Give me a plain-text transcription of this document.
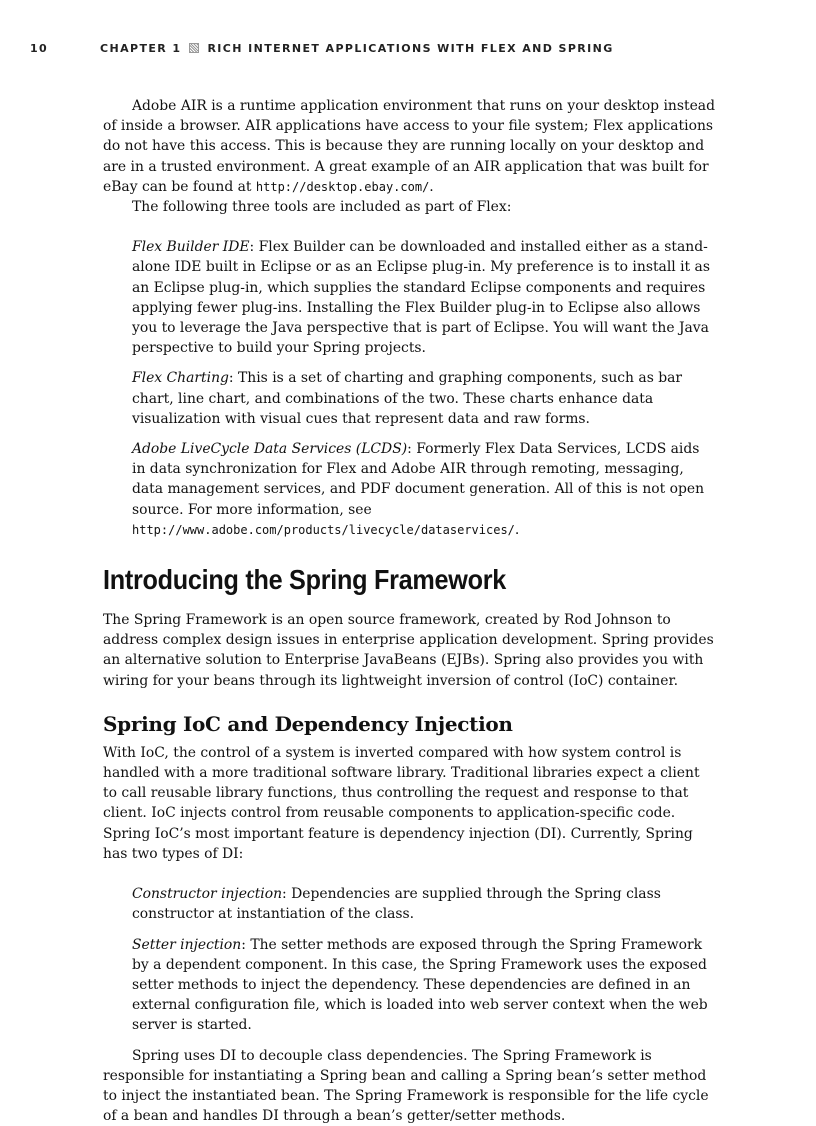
10	CHAPTER 1 RICH INTERNET APPLICATIONS WITH FLEX AND SPRING

Adobe AIR is a runtime application environment that runs on your desktop instead of inside a browser. AIR applications have access to your file system; Flex applications do not have this access. This is because they are running locally on your desktop and are in a trusted environment. A great example of an AIR application that was built for eBay can be found at http://desktop.ebay.com/.

The following three tools are included as part of Flex:

Flex Builder IDE: Flex Builder can be downloaded and installed either as a stand-alone IDE built in Eclipse or as an Eclipse plug-in. My preference is to install it as an Eclipse plug-in, which supplies the standard Eclipse components and requires applying fewer plug-ins. Installing the Flex Builder plug-in to Eclipse also allows you to leverage the Java perspective that is part of Eclipse. You will want the Java perspective to build your Spring projects.

Flex Charting: This is a set of charting and graphing components, such as bar chart, line chart, and combinations of the two. These charts enhance data visualization with visual cues that represent data and raw forms.

Adobe LiveCycle Data Services (LCDS): Formerly Flex Data Services, LCDS aids in data synchronization for Flex and Adobe AIR through remoting, messaging, data management services, and PDF document generation. All of this is not open source. For more information, see http://www.adobe.com/products/livecycle/dataservices/.

Introducing the Spring Framework

The Spring Framework is an open source framework, created by Rod Johnson to address complex design issues in enterprise application development. Spring provides an alternative solution to Enterprise JavaBeans (EJBs). Spring also provides you with wiring for your beans through its lightweight inversion of control (IoC) container.

Spring IoC and Dependency Injection

With IoC, the control of a system is inverted compared with how system control is handled with a more traditional software library. Traditional libraries expect a client to call reusable library functions, thus controlling the request and response to that client. IoC injects control from reusable components to application-specific code. Spring IoC’s most important feature is dependency injection (DI). Currently, Spring has two types of DI:

Constructor injection: Dependencies are supplied through the Spring class constructor at instantiation of the class.

Setter injection: The setter methods are exposed through the Spring Framework by a dependent component. In this case, the Spring Framework uses the exposed setter methods to inject the dependency. These dependencies are defined in an external configuration file, which is loaded into web server context when the web server is started.

Spring uses DI to decouple class dependencies. The Spring Framework is responsible for instantiating a Spring bean and calling a Spring bean’s setter method to inject the instantiated bean. The Spring Framework is responsible for the life cycle of a bean and handles DI through a bean’s getter/setter methods.
